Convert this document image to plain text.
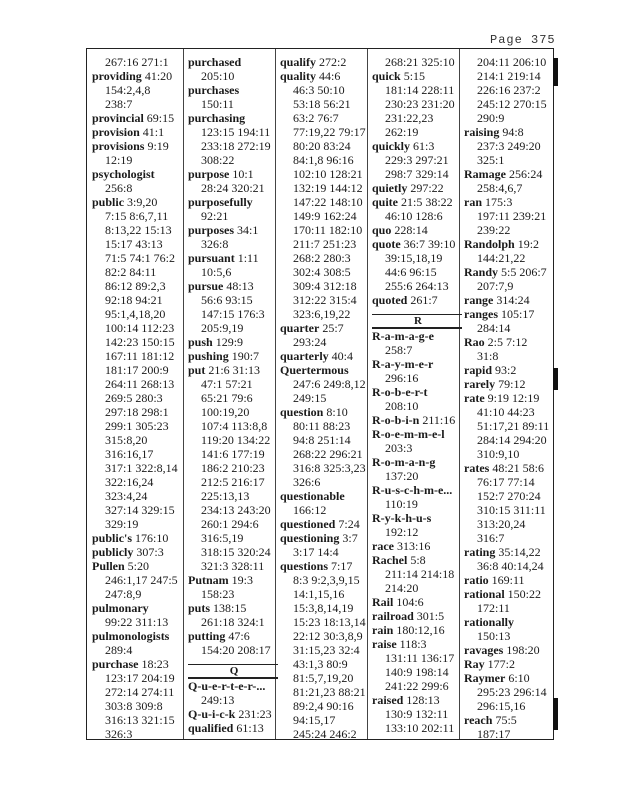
Page 375
267:16 271:1
providing 41:20
154:2,4,8
238:7
provincial 69:15
provision 41:1
provisions 9:19
12:19
psychologist
256:8
public 3:9,20
7:15 8:6,7,11
8:13,22 15:13
15:17 43:13
71:5 74:1 76:2
82:2 84:11
86:12 89:2,3
92:18 94:21
95:1,4,18,20
100:14 112:23
142:23 150:15
167:11 181:12
181:17 200:9
264:11 268:13
269:5 280:3
297:18 298:1
299:1 305:23
315:8,20
316:16,17
317:1 322:8,14
322:16,24
323:4,24
327:14 329:15
329:19
public's 176:10
publicly 307:3
Pullen 5:20
246:1,17 247:5
247:8,9
pulmonary
99:22 311:13
pulmonologists
289:4
purchase 18:23
123:17 204:19
272:14 274:11
303:8 309:8
316:13 321:15
326:3
purchased
205:10
purchases
150:11
purchasing
123:15 194:11
233:18 272:19
308:22
purpose 10:1
28:24 320:21
purposefully
92:21
purposes 34:1
326:8
pursuant 1:11
10:5,6
pursue 48:13
56:6 93:15
147:15 176:3
205:9,19
push 129:9
pushing 190:7
put 21:6 31:13
47:1 57:21
65:21 79:6
100:19,20
107:4 113:8,8
119:20 134:22
141:6 177:19
186:2 210:23
212:5 216:17
225:13,13
234:13 243:20
260:1 294:6
316:5,19
318:15 320:24
321:3 328:11
Putnam 19:3
158:23
puts 138:15
261:18 324:1
putting 47:6
154:20 208:17
Q
Q-u-e-r-t-e-r-...
249:13
Q-u-i-c-k 231:23
qualified 61:13
qualify 272:2
quality 44:6
46:3 50:10
53:18 56:21
63:2 76:7
77:19,22 79:17
80:20 83:24
84:1,8 96:16
102:10 128:21
132:19 144:12
147:22 148:10
149:9 162:24
170:11 182:10
211:7 251:23
268:2 280:3
302:4 308:5
309:4 312:18
312:22 315:4
323:6,19,22
quarter 25:7
293:24
quarterly 40:4
Quertermous
247:6 249:8,12
249:15
question 8:10
80:11 88:23
94:8 251:14
268:22 296:21
316:8 325:3,23
326:6
questionable
166:12
questioned 7:24
questioning 3:7
3:17 14:4
questions 7:17
8:3 9:2,3,9,15
14:1,15,16
15:3,8,14,19
15:23 18:13,14
22:12 30:3,8,9
31:15,23 32:4
43:1,3 80:9
81:5,7,19,20
81:21,23 88:21
89:2,4 90:16
94:15,17
245:24 246:2
268:21 325:10
quick 5:15
181:14 228:11
230:23 231:20
231:22,23
262:19
quickly 61:3
229:3 297:21
298:7 329:14
quietly 297:22
quite 21:5 38:22
46:10 128:6
quo 228:14
quote 36:7 39:10
39:15,18,19
44:6 96:15
255:6 264:13
quoted 261:7
R
R-a-m-a-g-e
258:7
R-a-y-m-e-r
296:16
R-o-b-e-r-t
208:10
R-o-b-i-n 211:16
R-o-e-m-m-e-l
203:3
R-o-m-a-n-g
137:20
R-u-s-c-h-m-e...
110:19
R-y-k-h-u-s
192:12
race 313:16
Rachel 5:8
211:14 214:18
214:20
Rail 104:6
railroad 301:5
rain 180:12,16
raise 118:3
131:11 136:17
140:9 198:14
241:22 299:6
raised 128:13
130:9 132:11
133:10 202:11
204:11 206:10
214:1 219:14
226:16 237:2
245:12 270:15
290:9
raising 94:8
237:3 249:20
325:1
Ramage 256:24
258:4,6,7
ran 175:3
197:11 239:21
239:22
Randolph 19:2
144:21,22
Randy 5:5 206:7
207:7,9
range 314:24
ranges 105:17
284:14
Rao 2:5 7:12
31:8
rapid 93:2
rarely 79:12
rate 9:19 12:19
41:10 44:23
51:17,21 89:11
284:14 294:20
310:9,10
rates 48:21 58:6
76:17 77:14
152:7 270:24
310:15 311:11
313:20,24
316:7
rating 35:14,22
36:8 40:14,24
ratio 169:11
rational 150:22
172:11
rationally
150:13
ravages 198:20
Ray 177:2
Raymer 6:10
295:23 296:14
296:15,16
reach 75:5
187:17
